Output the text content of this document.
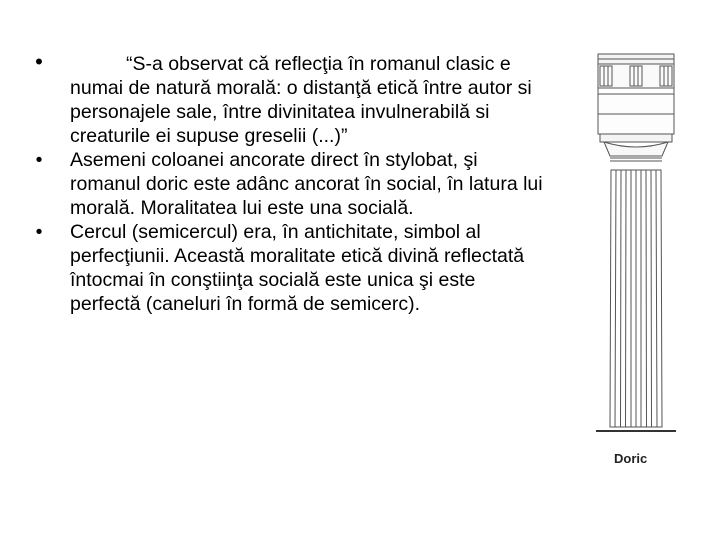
•	“S-a observat că reflecţia în romanul clasic e numai de natură morală: o distanţă etică între autor si personajele sale, între divinitatea invulnerabilă si creaturile ei supuse greselii (...)”
• Asemeni coloanei ancorate direct în stylobat, şi romanul doric este adânc ancorat în social, în latura lui morală. Moralitatea lui este una socială.
• Cercul (semicercul) era, în antichitate, simbol al perfecţiunii. Această moralitate etică divină reflectată întocmai în conştiinţa socială este unica şi este perfectă (caneluri în formă de semicerc).
Doric
